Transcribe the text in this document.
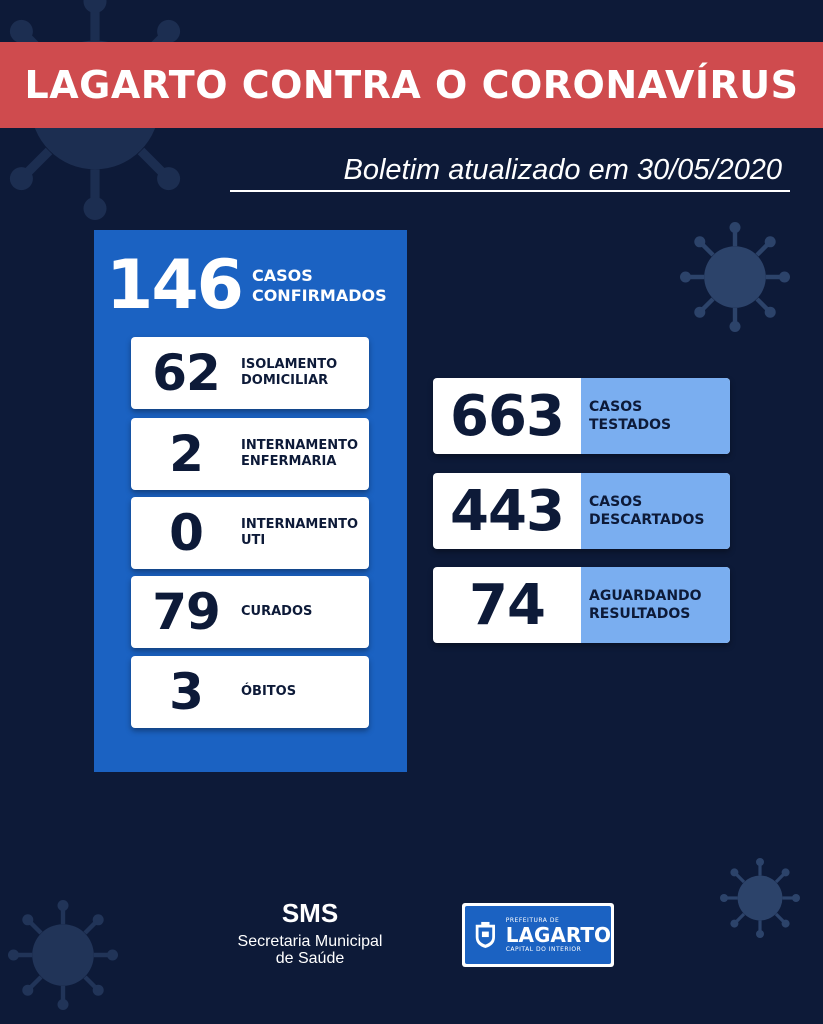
LAGARTO CONTRA O CORONAVÍRUS
Boletim atualizado em 30/05/2020
146 CASOS
CONFIRMADOS
62	ISOLAMENTO
DOMICILIAR
2	INTERNAMENTO
ENFERMARIA
0	INTERNAMENTO
UTI
79	CURADOS
3	ÓBITOS
663	CASOS
TESTADOS
443	CASOS
DESCARTADOS
74	AGUARDANDO
RESULTADOS
SMS
Secretaria Municipal
de Saúde
PREFEITURA DE
LAGARTO
CAPITAL DO INTERIOR
